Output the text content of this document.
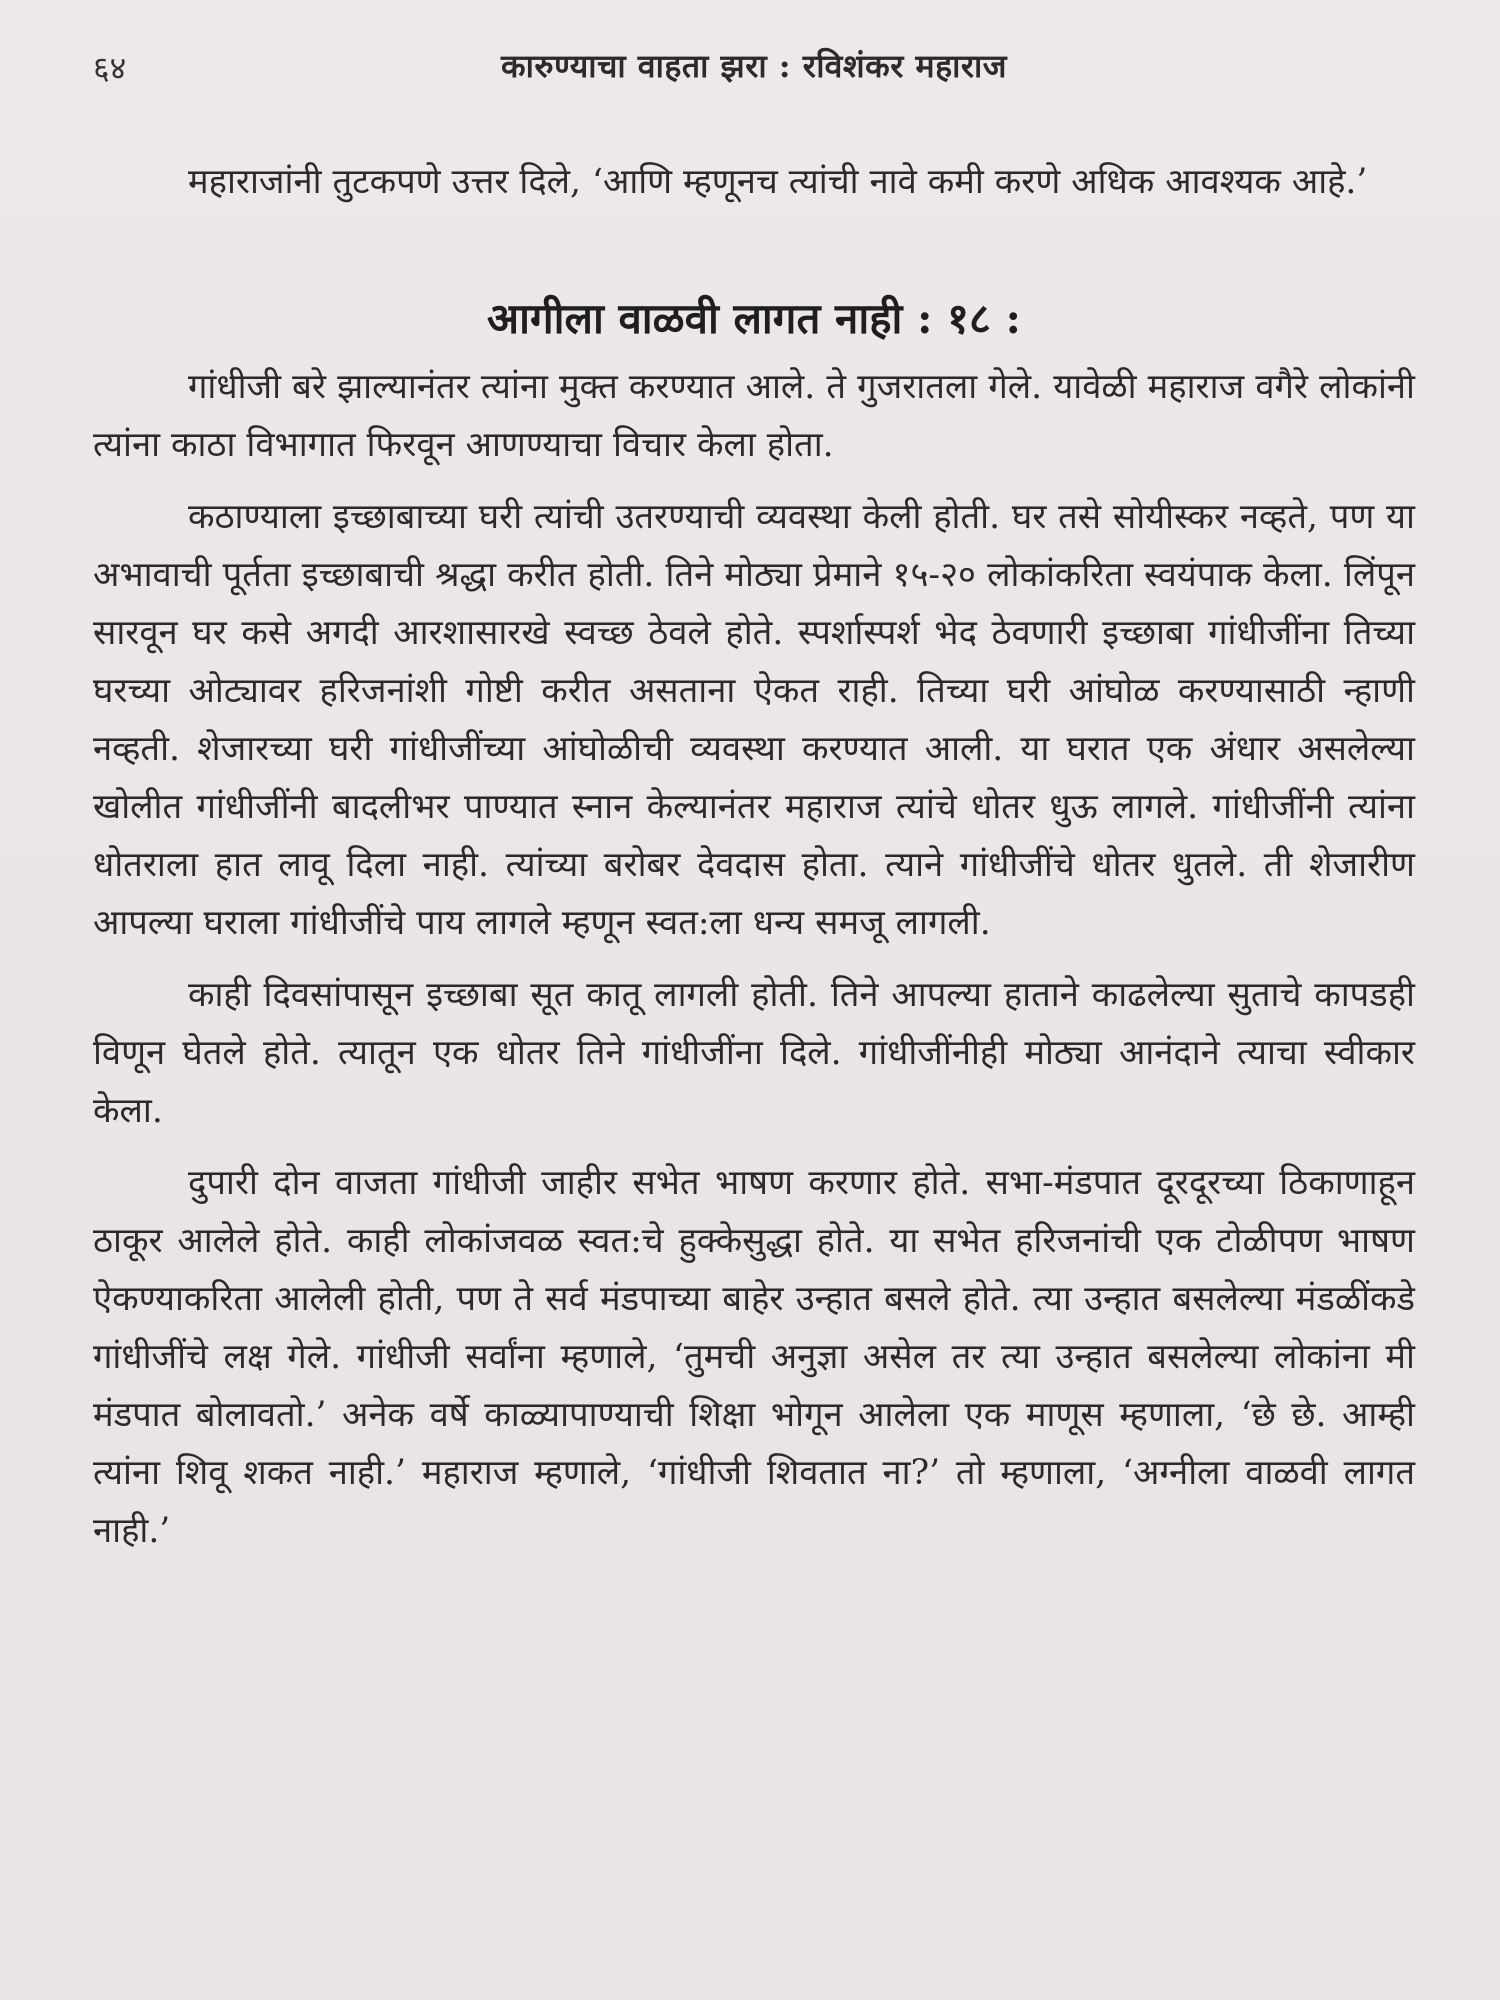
६४	कारुण्याचा वाहता झरा : रविशंकर महाराज

महाराजांनी तुटकपणे उत्तर दिले, ‘आणि म्हणूनच त्यांची नावे कमी करणे अधिक आवश्यक आहे.’

आगीला वाळवी लागत नाही : १८ :

गांधीजी बरे झाल्यानंतर त्यांना मुक्त करण्यात आले. ते गुजरातला गेले. यावेळी महाराज वगैरे लोकांनी त्यांना काठा विभागात फिरवून आणण्याचा विचार केला होता.

कठाण्याला इच्छाबाच्या घरी त्यांची उतरण्याची व्यवस्था केली होती. घर तसे सोयीस्कर नव्हते, पण या अभावाची पूर्तता इच्छाबाची श्रद्धा करीत होती. तिने मोठ्या प्रेमाने १५-२० लोकांकरिता स्वयंपाक केला. लिंपून सारवून घर कसे अगदी आरशासारखे स्वच्छ ठेवले होते. स्पर्शास्पर्श भेद ठेवणारी इच्छाबा गांधीजींना तिच्या घरच्या ओट्यावर हरिजनांशी गोष्टी करीत असताना ऐकत राही. तिच्या घरी आंघोळ करण्यासाठी न्हाणी नव्हती. शेजारच्या घरी गांधीजींच्या आंघोळीची व्यवस्था करण्यात आली. या घरात एक अंधार असलेल्या खोलीत गांधीजींनी बादलीभर पाण्यात स्नान केल्यानंतर महाराज त्यांचे धोतर धुऊ लागले. गांधीजींनी त्यांना धोतराला हात लावू दिला नाही. त्यांच्या बरोबर देवदास होता. त्याने गांधीजींचे धोतर धुतले. ती शेजारीण आपल्या घराला गांधीजींचे पाय लागले म्हणून स्वत:ला धन्य समजू लागली.

काही दिवसांपासून इच्छाबा सूत कातू लागली होती. तिने आपल्या हाताने काढलेल्या सुताचे कापडही विणून घेतले होते. त्यातून एक धोतर तिने गांधीजींना दिले. गांधीजींनीही मोठ्या आनंदाने त्याचा स्वीकार केला.

दुपारी दोन वाजता गांधीजी जाहीर सभेत भाषण करणार होते. सभा-मंडपात दूरदूरच्या ठिकाणाहून ठाकूर आलेले होते. काही लोकांजवळ स्वत:चे हुक्केसुद्धा होते. या सभेत हरिजनांची एक टोळीपण भाषण ऐकण्याकरिता आलेली होती, पण ते सर्व मंडपाच्या बाहेर उन्हात बसले होते. त्या उन्हात बसलेल्या मंडळींकडे गांधीजींचे लक्ष गेले. गांधीजी सर्वांना म्हणाले, ‘तुमची अनुज्ञा असेल तर त्या उन्हात बसलेल्या लोकांना मी मंडपात बोलावतो.’ अनेक वर्षे काळ्यापाण्याची शिक्षा भोगून आलेला एक माणूस म्हणाला, ‘छे छे. आम्ही त्यांना शिवू शकत नाही.’ महाराज म्हणाले, ‘गांधीजी शिवतात ना?’ तो म्हणाला, ‘अग्नीला वाळवी लागत नाही.’
